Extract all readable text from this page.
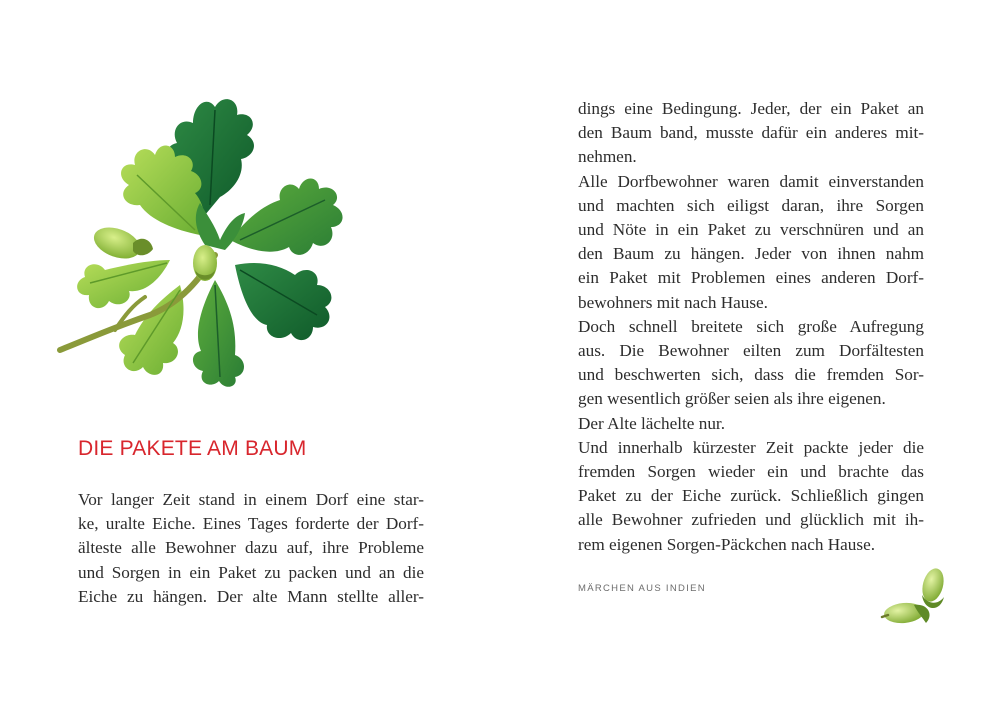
DIE PAKETE AM BAUM
Vor langer Zeit stand in einem Dorf eine star-
ke, uralte Eiche. Eines Tages forderte der Dorf-
älteste alle Bewohner dazu auf, ihre Probleme
und Sorgen in ein Paket zu packen und an die
Eiche zu hängen. Der alte Mann stellte aller-
dings eine Bedingung. Jeder, der ein Paket an
den Baum band, musste dafür ein anderes mit-
nehmen.
Alle Dorfbewohner waren damit einverstanden
und machten sich eiligst daran, ihre Sorgen
und Nöte in ein Paket zu verschnüren und an
den Baum zu hängen. Jeder von ihnen nahm
ein Paket mit Problemen eines anderen Dorf-
bewohners mit nach Hause.
Doch schnell breitete sich große Aufregung
aus. Die Bewohner eilten zum Dorfältesten
und beschwerten sich, dass die fremden Sor-
gen wesentlich größer seien als ihre eigenen.
Der Alte lächelte nur.
Und innerhalb kürzester Zeit packte jeder die
fremden Sorgen wieder ein und brachte das
Paket zu der Eiche zurück. Schließlich gingen
alle Bewohner zufrieden und glücklich mit ih-
rem eigenen Sorgen-Päckchen nach Hause.
MÄRCHEN AUS INDIEN
